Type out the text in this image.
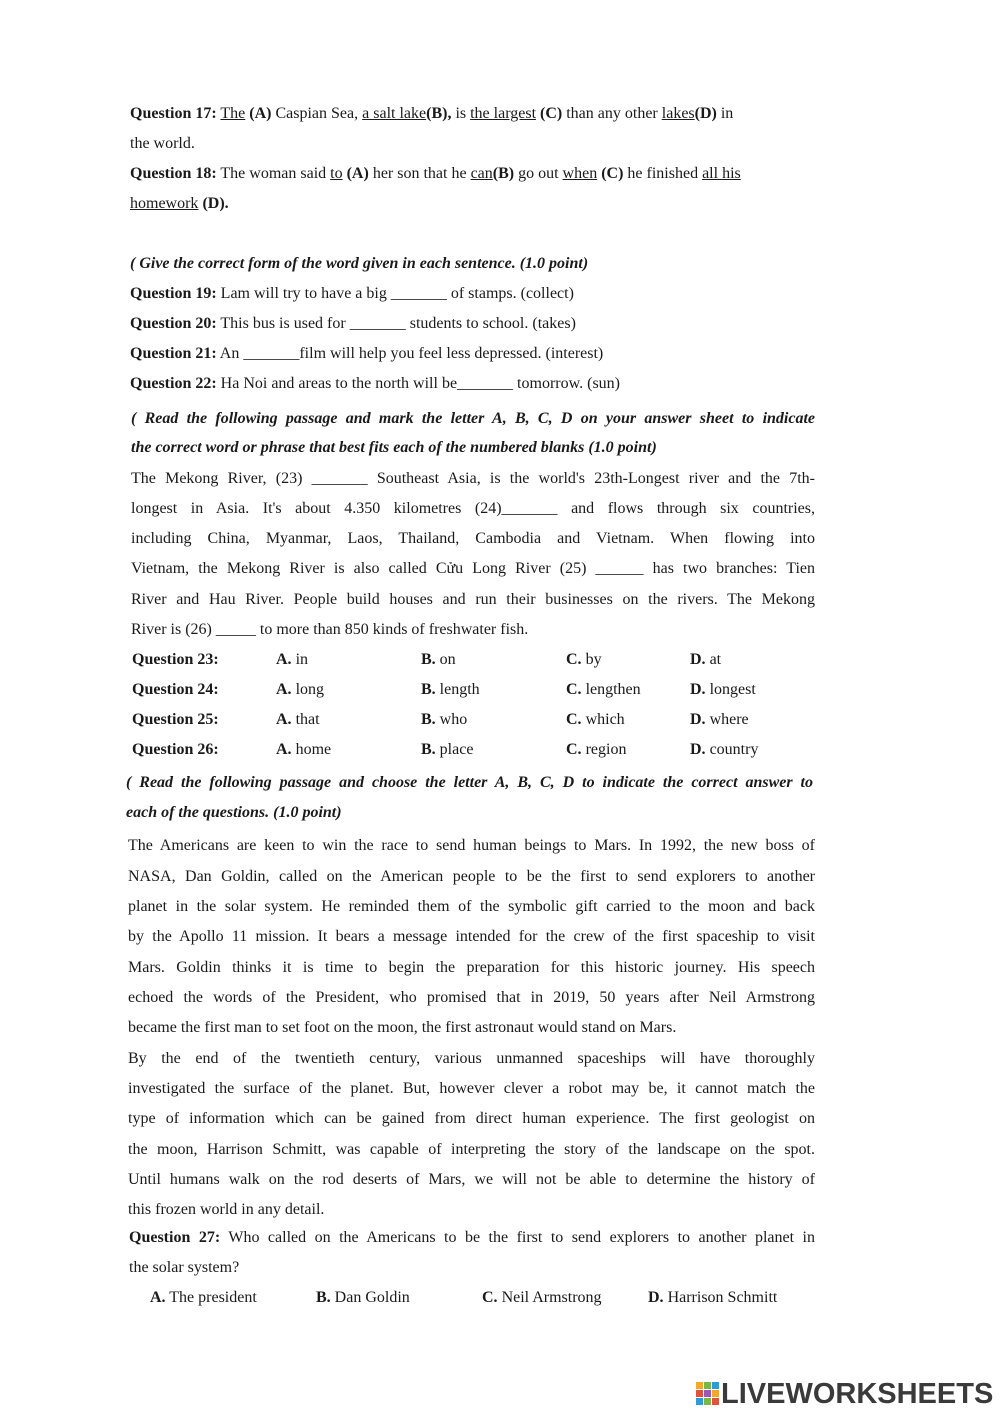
Question 17: The (A) Caspian Sea, a salt lake(B), is the largest (C) than any other lakes(D) in
the world.
Question 18: The woman said to (A) her son that he can(B) go out when (C) he finished all his
homework (D).
( Give the correct form of the word given in each sentence. (1.0 point)
Question 19: Lam will try to have a big _______ of stamps. (collect)
Question 20: This bus is used for _______ students to school. (takes)
Question 21: An _______film will help you feel less depressed. (interest)
Question 22: Ha Noi and areas to the north will be_______ tomorrow. (sun)
( Read the following passage and mark the letter A, B, C, D on your answer sheet to indicate
the correct word or phrase that best fits each of the numbered blanks (1.0 point)
The Mekong River, (23) _______ Southeast Asia, is the world's 23th-Longest river and the 7th-
longest in Asia. It's about 4.350 kilometres (24)_______ and flows through six countries,
including China, Myanmar, Laos, Thailand, Cambodia and Vietnam. When flowing into
Vietnam, the Mekong River is also called Cửu Long River (25) ______ has two branches: Tien
River and Hau River. People build houses and run their businesses on the rivers. The Mekong
River is (26) _____ to more than 850 kinds of freshwater fish.
Question 23:	A. in	B. on	C. by	D. at
Question 24:	A. long	B. length	C. lengthen	D. longest
Question 25:	A. that	B. who	C. which	D. where
Question 26:	A. home	B. place	C. region	D. country
( Read the following passage and choose the letter A, B, C, D to indicate the correct answer to
each of the questions. (1.0 point)
The Americans are keen to win the race to send human beings to Mars. In 1992, the new boss of
NASA, Dan Goldin, called on the American people to be the first to send explorers to another
planet in the solar system. He reminded them of the symbolic gift carried to the moon and back
by the Apollo 11 mission. It bears a message intended for the crew of the first spaceship to visit
Mars. Goldin thinks it is time to begin the preparation for this historic journey. His speech
echoed the words of the President, who promised that in 2019, 50 years after Neil Armstrong
became the first man to set foot on the moon, the first astronaut would stand on Mars.
By the end of the twentieth century, various unmanned spaceships will have thoroughly
investigated the surface of the planet. But, however clever a robot may be, it cannot match the
type of information which can be gained from direct human experience. The first geologist on
the moon, Harrison Schmitt, was capable of interpreting the story of the landscape on the spot.
Until humans walk on the rod deserts of Mars, we will not be able to determine the history of
this frozen world in any detail.
Question 27: Who called on the Americans to be the first to send explorers to another planet in
the solar system?
A. The president	B. Dan Goldin	C. Neil Armstrong	D. Harrison Schmitt
LIVEWORKSHEETS
